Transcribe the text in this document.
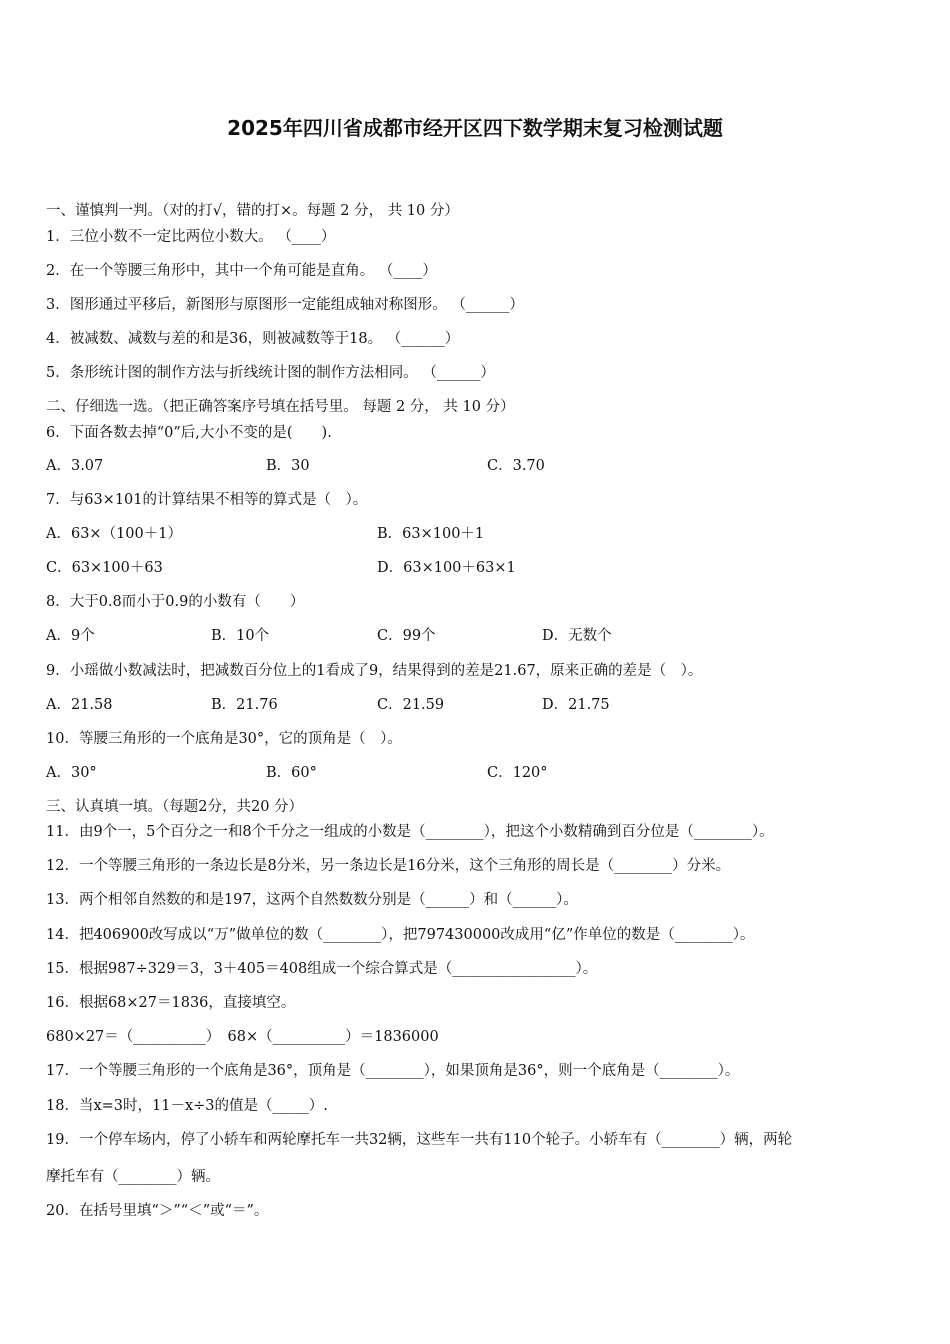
2025年四川省成都市经开区四下数学期末复习检测试题
一、谨慎判一判。（对的打√，错的打×。每题 2 分， 共 10 分）
1．三位小数不一定比两位小数大。 （____）
2．在一个等腰三角形中，其中一个角可能是直角。 （____）
3．图形通过平移后，新图形与原图形一定能组成轴对称图形。 （______）
4．被减数、减数与差的和是36，则被减数等于18。 （______）
5．条形统计图的制作方法与折线统计图的制作方法相同。 （______）
二、仔细选一选。（把正确答案序号填在括号里。 每题 2 分， 共 10 分）
6．下面各数去掉“0”后,大小不变的是(　　).
A．3.07	B．30	C．3.70
7．与63×101的计算结果不相等的算式是（　）。
A．63×（100＋1）	B．63×100＋1
C．63×100＋63	D．63×100＋63×1
8．大于0.8而小于0.9的小数有（　　）
A．9个	B．10个	C．99个	D．无数个
9．小瑶做小数减法时，把减数百分位上的1看成了9，结果得到的差是21.67，原来正确的差是（　）。
A．21.58	B．21.76	C．21.59	D．21.75
10．等腰三角形的一个底角是30°，它的顶角是（　）。
A．30°	B．60°	C．120°
三、认真填一填。（每题2分，共20 分）
11．由9个一，5个百分之一和8个千分之一组成的小数是（________），把这个小数精确到百分位是（________）。
12．一个等腰三角形的一条边长是8分米，另一条边长是16分米，这个三角形的周长是（________）分米。
13．两个相邻自然数的和是197，这两个自然数数分别是（______）和（______）。
14．把406900改写成以“万”做单位的数（________），把797430000改成用“亿”作单位的数是（________）。
15．根据987÷329＝3，3＋405＝408组成一个综合算式是（_________________）。
16．根据68×27＝1836，直接填空。
680×27＝（__________）　68×（__________）＝1836000
17．一个等腰三角形的一个底角是36°，顶角是（________），如果顶角是36°，则一个底角是（________）。
18．当x=3时，11－x÷3的值是（_____）.
19．一个停车场内，停了小轿车和两轮摩托车一共32辆，这些车一共有110个轮子。小轿车有（________）辆，两轮
摩托车有（________）辆。
20．在括号里填“＞”“＜”或“＝”。
